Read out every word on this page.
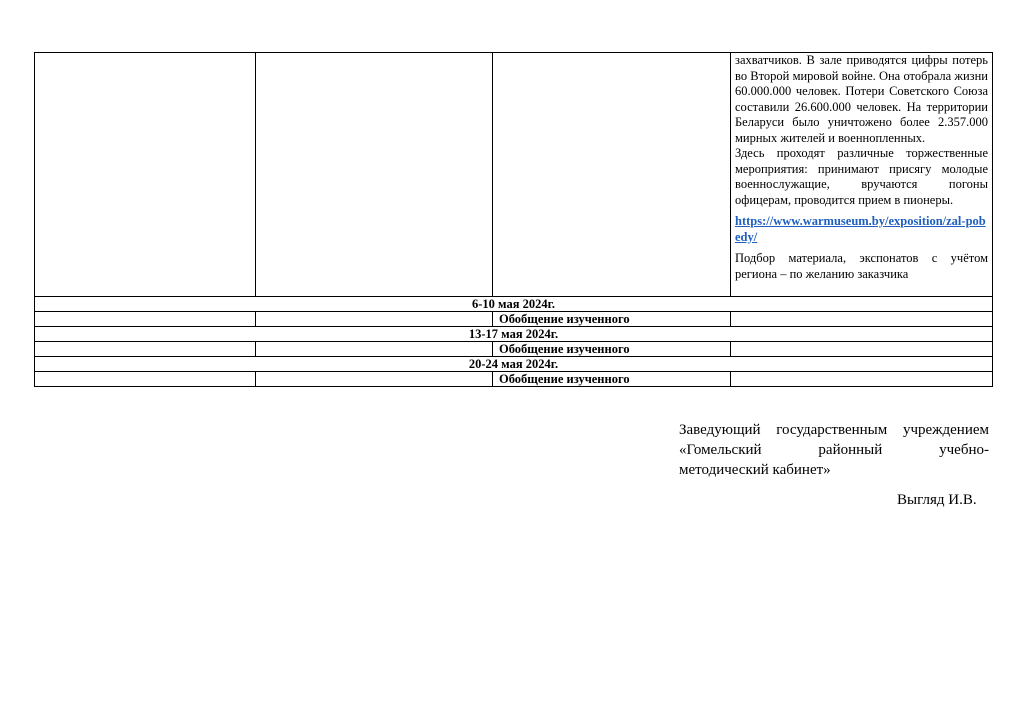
			захватчиков. В зале приводятся цифры потерь во Второй мировой войне. Она отобрала жизни 60.000.000 человек. Потери Советского Союза составили 26.600.000 человек. На территории Беларуси было уничтожено более 2.357.000 мирных жителей и военнопленных.

Здесь проходят различные торжественные мероприятия: принимают присягу молодые военнослужащие, вручаются погоны офицерам, проводится прием в пионеры.

https://www.warmuseum.by/exposition/zal-pobedy/

Подбор материала, экспонатов с учётом региона – по желанию заказчика

6-10 мая 2024г.			
		Обобщение изученного	
13-17 мая 2024г.			
		Обобщение изученного	
20-24 мая 2024г.			
		Обобщение изученного	
Заведующий государственным учреждением
«Гомельский районный учебно-
методический кабинет»
Выгляд И.В.
